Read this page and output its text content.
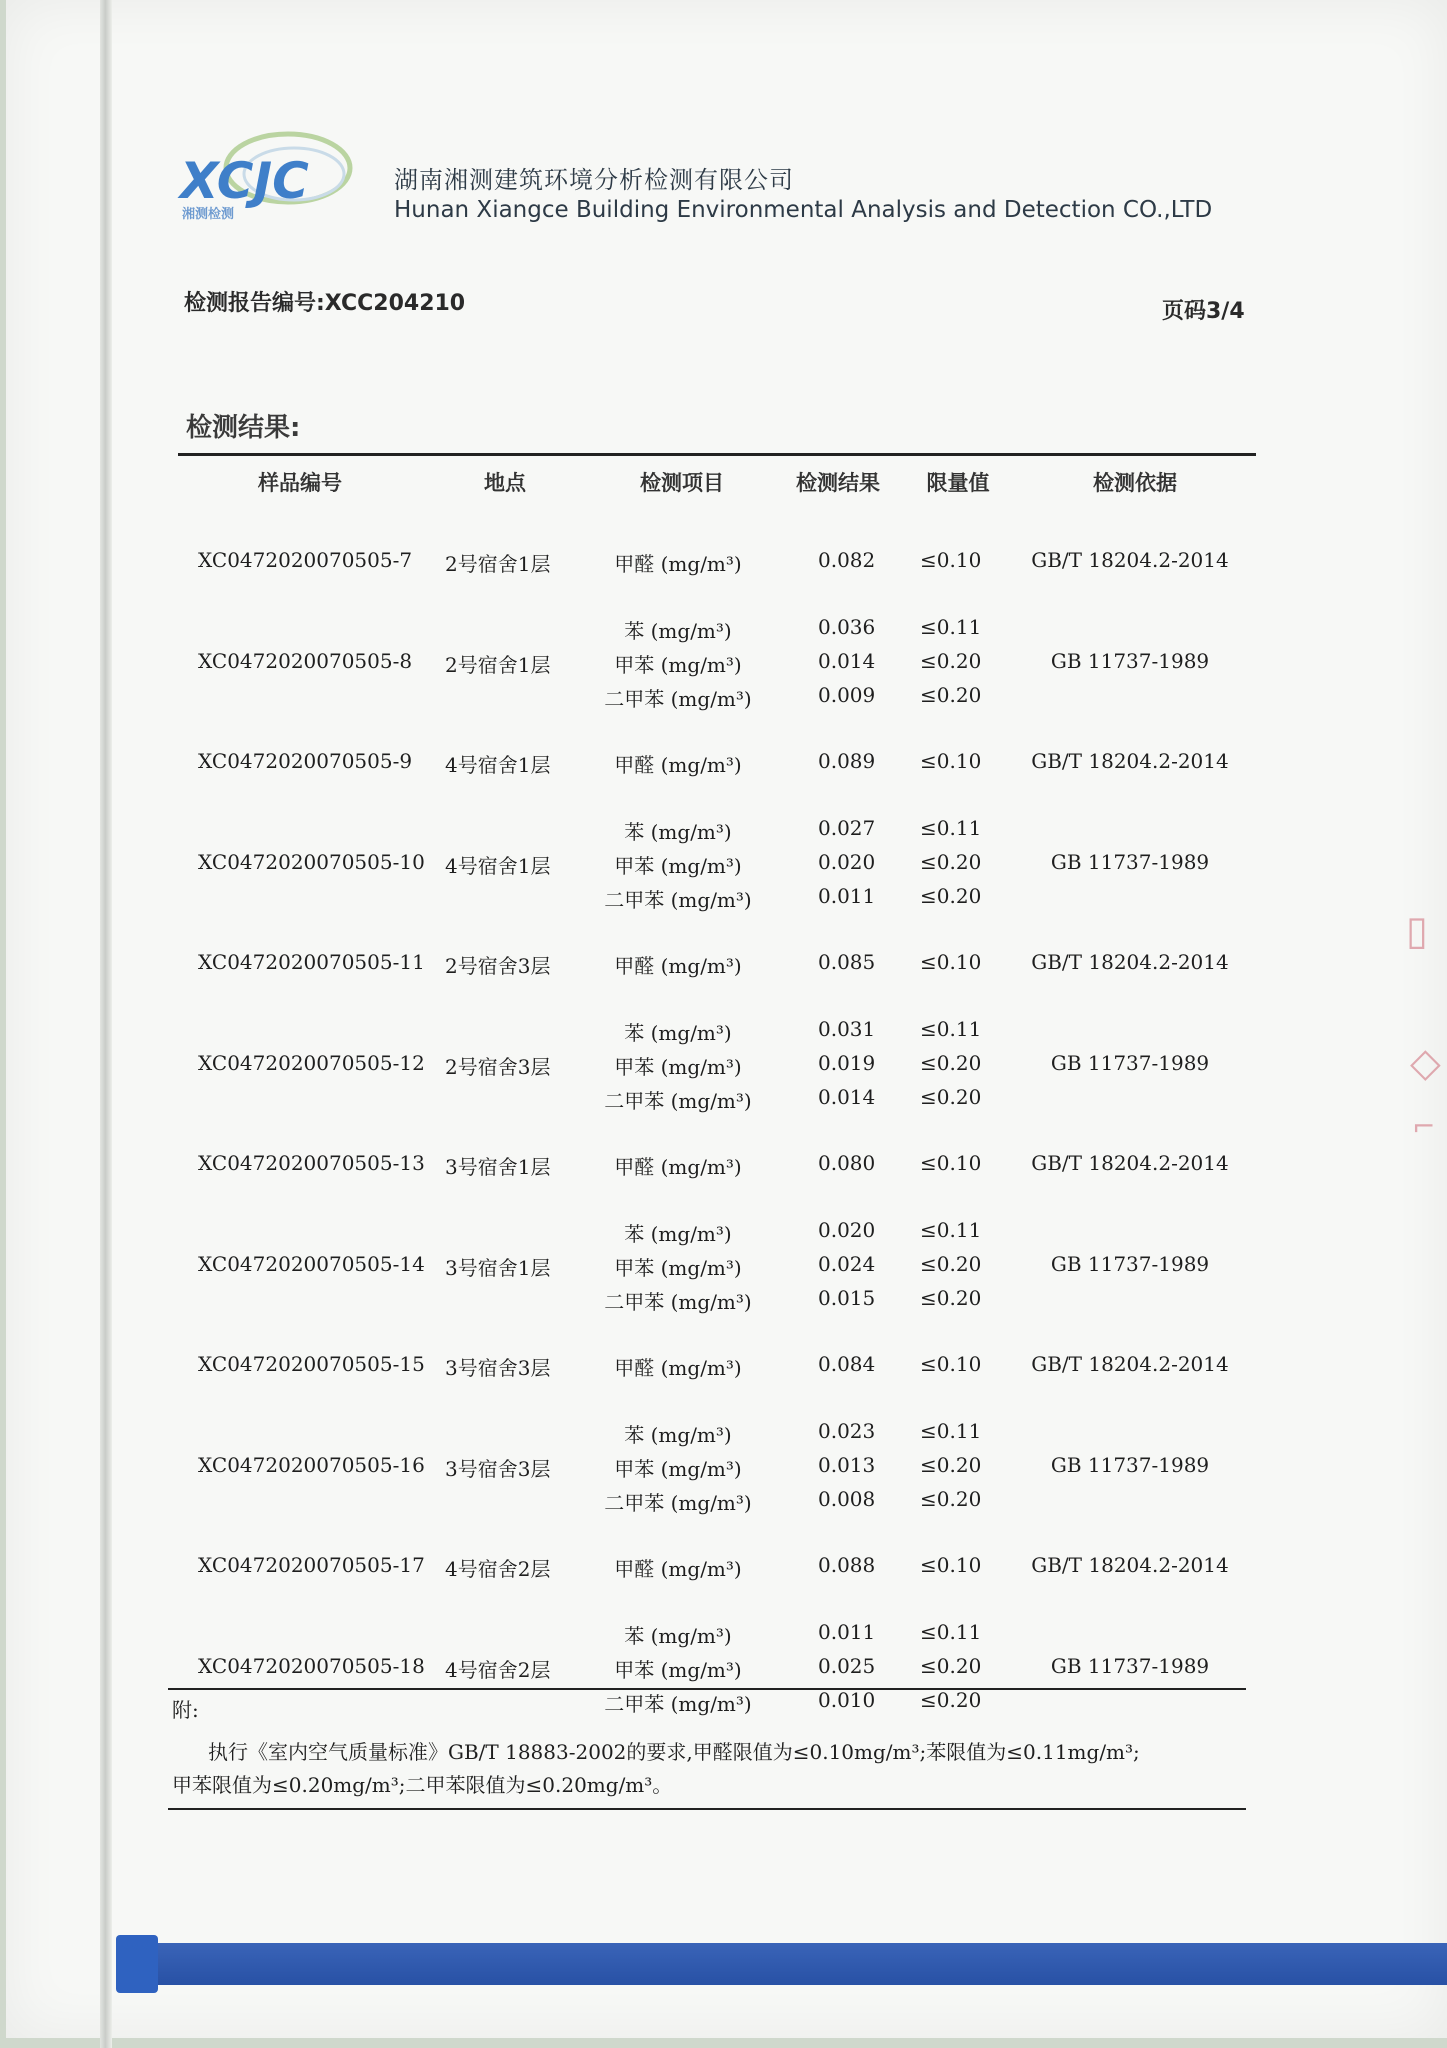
XCJC
湘测检测
湖南湘测建筑环境分析检测有限公司
Hunan Xiangce Building Environmental Analysis and Detection CO.,LTD
检测报告编号:XCC204210	页码3/4
检测结果:
样品编号	地点	检测项目	检测结果 限量值	检测依据
XC0472020070505-7 2号宿舍1层	甲醛 (mg/m³)	0.082 ≤0.10 GB/T 18204.2-2014
XC0472020070505-8 2号宿舍1层
苯 (mg/m³)	0.036 ≤0.11
甲苯 (mg/m³)	0.014 ≤0.20
二甲苯 (mg/m³)	0.009 ≤0.20
GB 11737-1989
XC0472020070505-9 4号宿舍1层	甲醛 (mg/m³)	0.089 ≤0.10 GB/T 18204.2-2014
XC0472020070505-10 4号宿舍1层
苯 (mg/m³)	0.027 ≤0.11
甲苯 (mg/m³)	0.020 ≤0.20
二甲苯 (mg/m³)	0.011 ≤0.20
GB 11737-1989
XC0472020070505-11 2号宿舍3层	甲醛 (mg/m³)	0.085 ≤0.10 GB/T 18204.2-2014
XC0472020070505-12 2号宿舍3层
苯 (mg/m³)	0.031 ≤0.11
甲苯 (mg/m³)	0.019 ≤0.20
二甲苯 (mg/m³)	0.014 ≤0.20
GB 11737-1989
XC0472020070505-13 3号宿舍1层	甲醛 (mg/m³)	0.080 ≤0.10 GB/T 18204.2-2014
XC0472020070505-14 3号宿舍1层
苯 (mg/m³)	0.020 ≤0.11
甲苯 (mg/m³)	0.024 ≤0.20
二甲苯 (mg/m³)	0.015 ≤0.20
GB 11737-1989
XC0472020070505-15 3号宿舍3层	甲醛 (mg/m³)	0.084 ≤0.10 GB/T 18204.2-2014
XC0472020070505-16 3号宿舍3层
苯 (mg/m³)	0.023 ≤0.11
甲苯 (mg/m³)	0.013 ≤0.20
二甲苯 (mg/m³)	0.008 ≤0.20
GB 11737-1989
XC0472020070505-17 4号宿舍2层	甲醛 (mg/m³)	0.088 ≤0.10 GB/T 18204.2-2014
XC0472020070505-18 4号宿舍2层
苯 (mg/m³)	0.011 ≤0.11
甲苯 (mg/m³)	0.025 ≤0.20
二甲苯 (mg/m³)	0.010 ≤0.20
GB 11737-1989
附:
执行《室内空气质量标准》GB/T 18883-2002的要求,甲醛限值为≤0.10mg/m³;苯限值为≤0.11mg/m³;甲苯限值为≤0.20mg/m³;二甲苯限值为≤0.20mg/m³。
▯
◇
⌐
